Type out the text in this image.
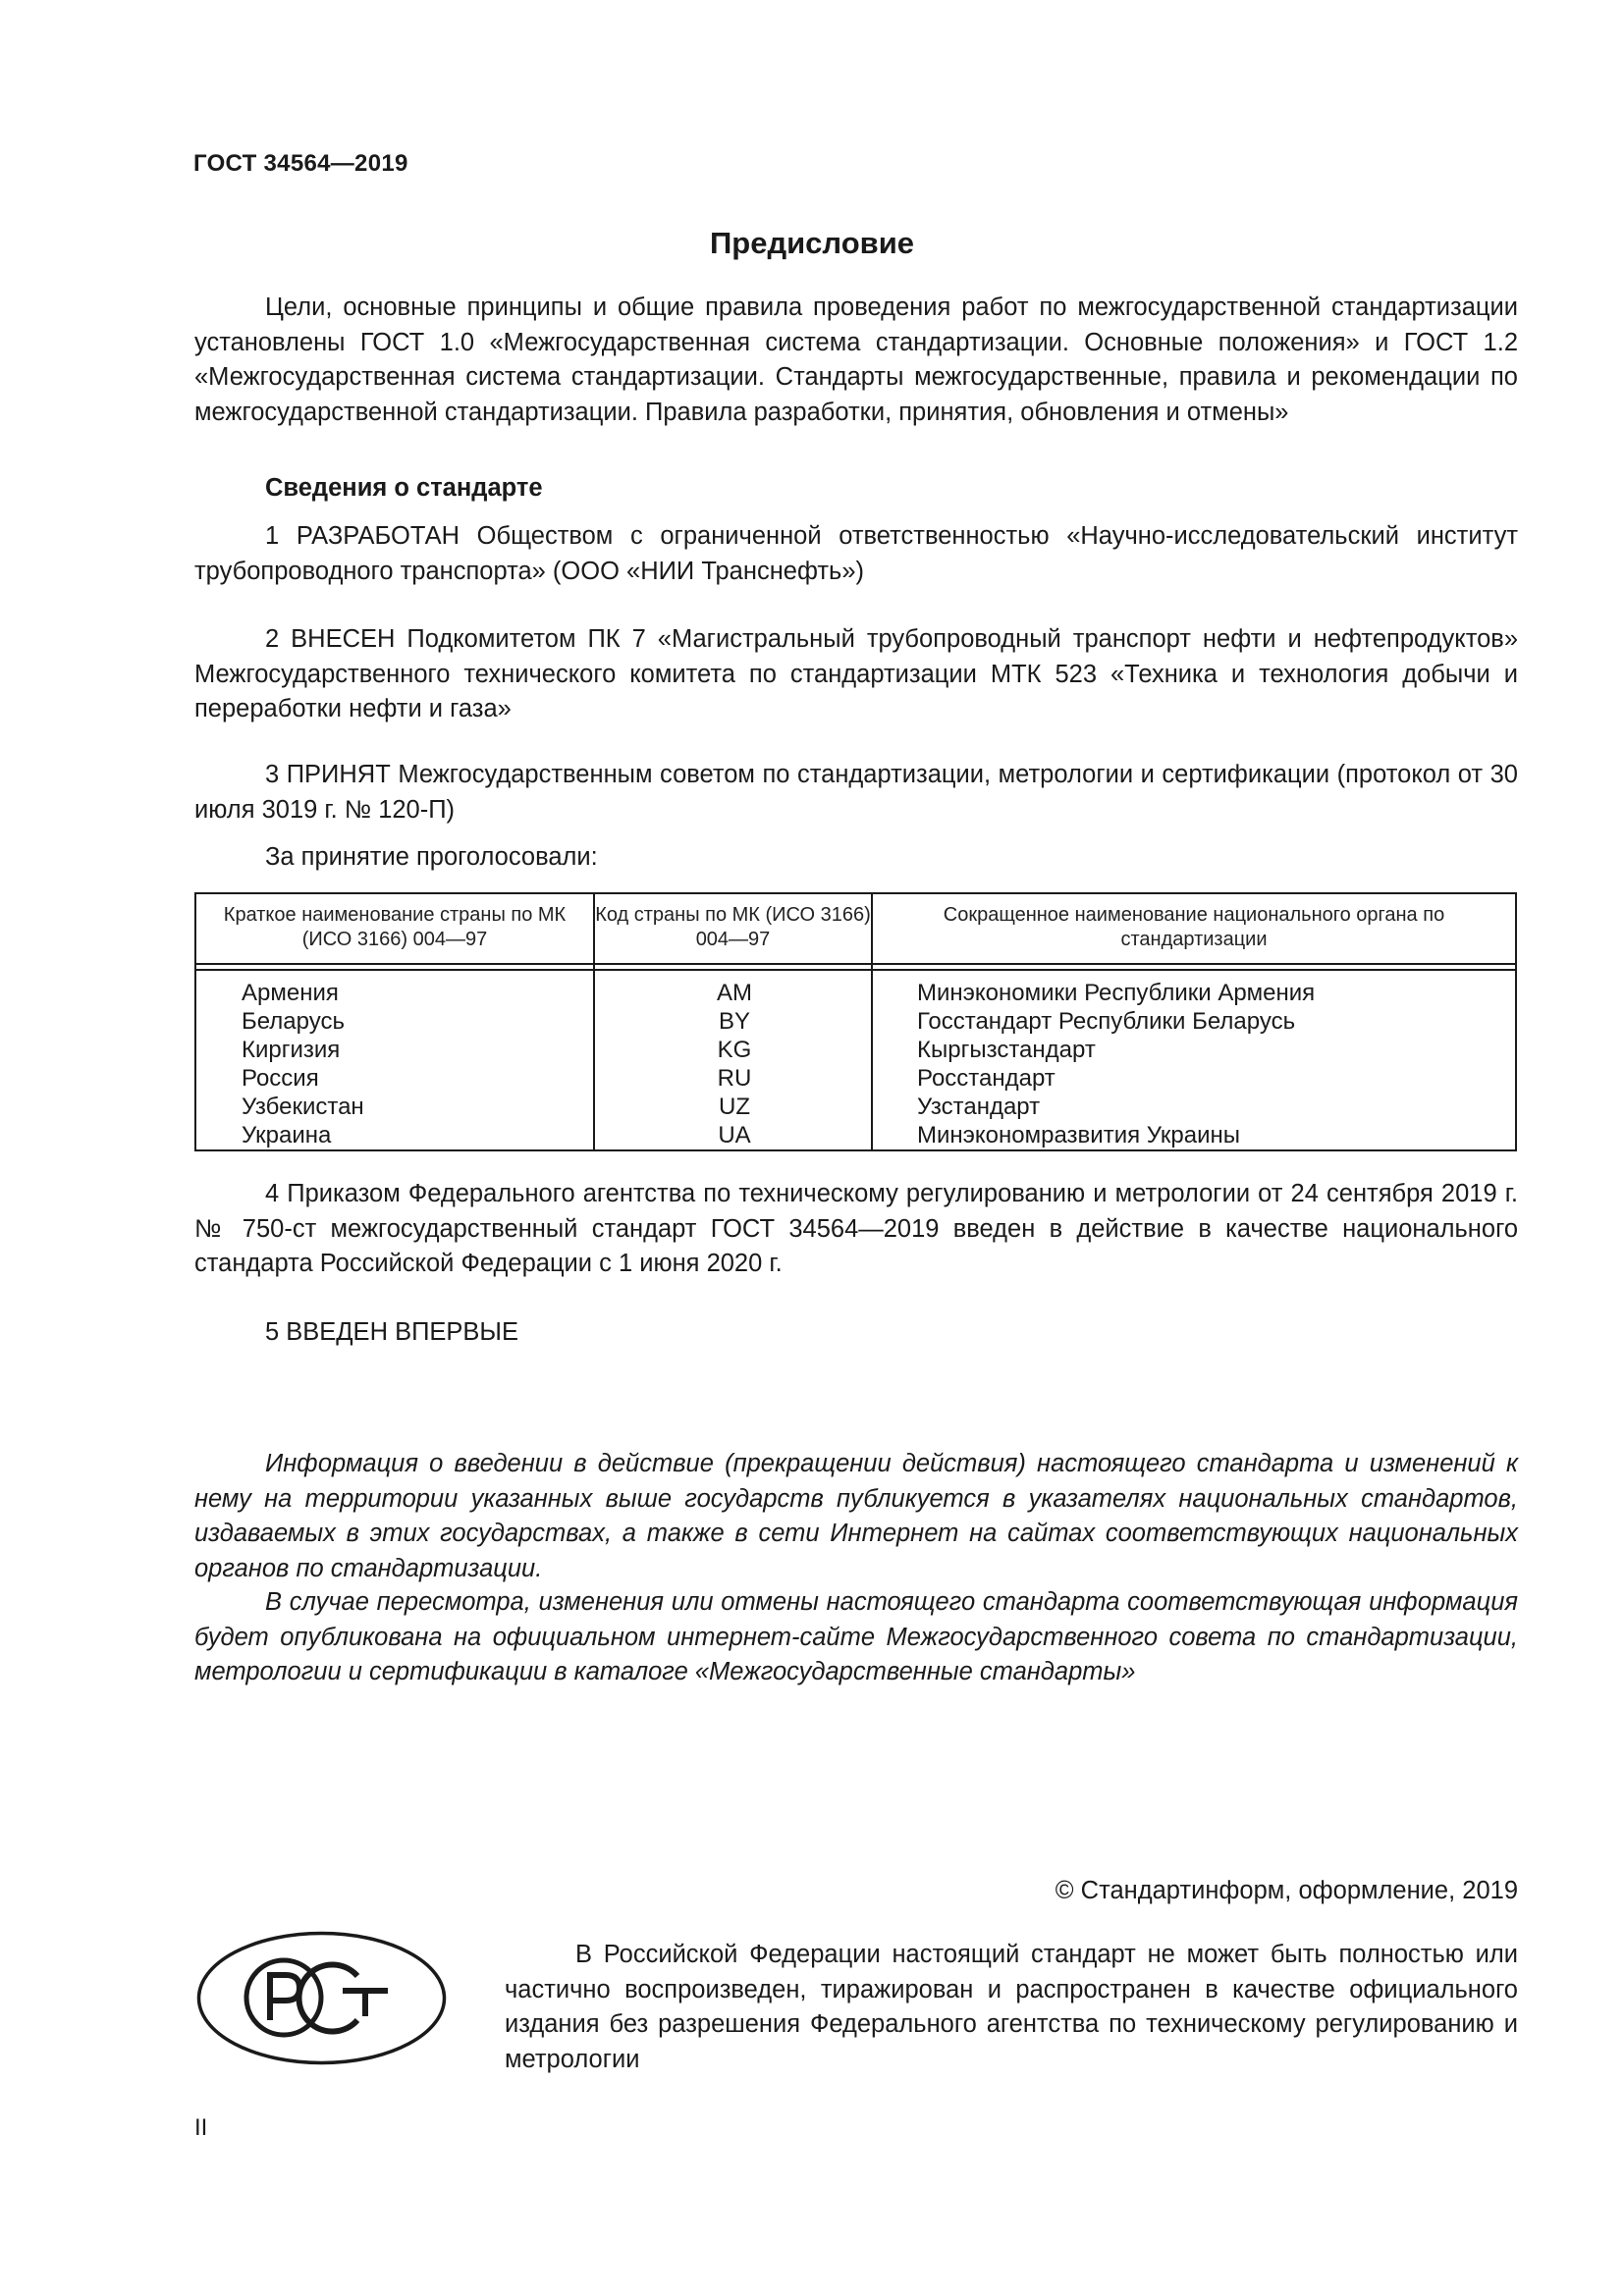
ГОСТ 34564—2019
Предисловие

Цели, основные принципы и общие правила проведения работ по межгосударственной стандартизации установлены ГОСТ 1.0 «Межгосударственная система стандартизации. Основные положения» и ГОСТ 1.2 «Межгосударственная система стандартизации. Стандарты межгосударственные, правила и рекомендации по межгосударственной стандартизации. Правила разработки, принятия, обновления и отмены»

Сведения о стандарте

1 РАЗРАБОТАН Обществом с ограниченной ответственностью «Научно-исследовательский институт трубопроводного транспорта» (ООО «НИИ Транснефть»)

2 ВНЕСЕН Подкомитетом ПК 7 «Магистральный трубопроводный транспорт нефти и нефтепродуктов» Межгосударственного технического комитета по стандартизации МТК 523 «Техника и технология добычи и переработки нефти и газа»

3 ПРИНЯТ Межгосударственным советом по стандартизации, метрологии и сертификации (протокол от 30 июля 3019 г. № 120-П)

За принятие проголосовали:

Краткое наименование страны по МК (ИСО 3166) 004—97
Код страны по МК (ИСО 3166) 004—97
Сокращенное наименование национального органа по стандартизации
Армения
Беларусь
Киргизия
Россия
Узбекистан
Украина
AM
BY
KG
RU
UZ
UA
Минэкономики Республики Армения
Госстандарт Республики Беларусь
Кыргызстандарт
Росстандарт
Узстандарт
Минэкономразвития Украины

4 Приказом Федерального агентства по техническому регулированию и метрологии от 24 сентября 2019 г. № 750-ст межгосударственный стандарт ГОСТ 34564—2019 введен в действие в качестве национального стандарта Российской Федерации с 1 июня 2020 г.

5 ВВЕДЕН ВПЕРВЫЕ

Информация о введении в действие (прекращении действия) настоящего стандарта и изменений к нему на территории указанных выше государств публикуется в указателях национальных стандартов, издаваемых в этих государствах, а также в сети Интернет на сайтах соответствующих национальных органов по стандартизации.

В случае пересмотра, изменения или отмены настоящего стандарта соответствующая информация будет опубликована на официальном интернет-сайте Межгосударственного совета по стандартизации, метрологии и сертификации в каталоге «Межгосударственные стандарты»

© Стандартинформ, оформление, 2019

В Российской Федерации настоящий стандарт не может быть полностью или частично воспроизведен, тиражирован и распространен в качестве официального издания без разрешения Федерального агентства по техническому регулированию и метрологии

II
